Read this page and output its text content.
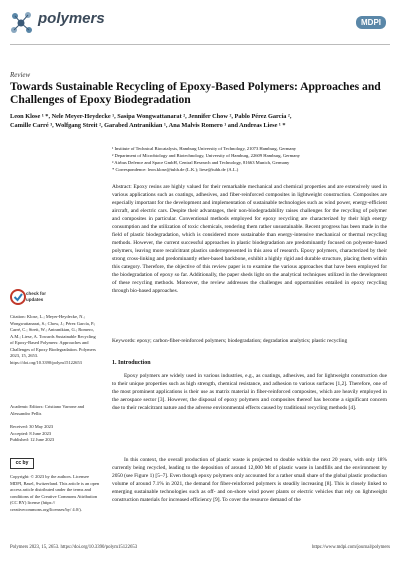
polymers	MDPI
Review
Towards Sustainable Recycling of Epoxy-Based Polymers: Approaches and Challenges of Epoxy Biodegradation
Leon Klose ¹ *, Nele Meyer-Heydecke ¹, Sasipa Wongwattanarat ², Jennifer Chow ², Pablo Pérez García ²,
Camille Carré ³, Wolfgang Streit ², Garabed Antranikian ¹, Ana Malvis Romero ¹ and Andreas Liese ¹ *
¹ Institute of Technical Biocatalysis, Hamburg University of Technology, 21073 Hamburg, Germany
² Department of Microbiology and Biotechnology, University of Hamburg, 22609 Hamburg, Germany
³ Airbus Defence and Space GmbH, Central Research and Technology, 81663 Munich, Germany
* Correspondence: leon.klose@tuhh.de (L.K.); liese@tuhh.de (A.L.)
Abstract: Epoxy resins are highly valued for their remarkable mechanical and chemical properties and are extensively used in various applications such as coatings, adhesives, and fiber-reinforced composites in lightweight construction. Composites are especially important for the development and implementation of sustainable technologies such as wind power, energy-efficient aircraft, and electric cars. Despite their advantages, their non-biodegradability raises challenges for the recycling of polymer and composites in particular. Conventional methods employed for epoxy recycling are characterized by their high energy consumption and the utilization of toxic chemicals, rendering them rather unsustainable. Recent progress has been made in the field of plastic biodegradation, which is considered more sustainable than energy-intensive mechanical or thermal recycling methods. However, the current successful approaches in plastic biodegradation are predominantly focused on polyester-based polymers, leaving more recalcitrant plastics underrepresented in this area of research. Epoxy polymers, characterized by their strong cross-linking and predominantly ether-based backbone, exhibit a highly rigid and durable structure, placing them within this category. Therefore, the objective of this review paper is to examine the various approaches that have been employed for the biodegradation of epoxy so far. Additionally, the paper sheds light on the analytical techniques utilized in the development of these recycling methods. Moreover, the review addresses the challenges and opportunities entailed in epoxy recycling through bio-based approaches.
Keywords: epoxy; carbon-fiber-reinforced polymers; biodegradation; degradation analytics; plastic recycling
1. Introduction
Epoxy polymers are widely used in various industries, e.g., as coatings, adhesives, and for lightweight construction due to their unique properties such as high strength, chemical resistance, and adhesion to various surfaces [1,2]. Therefore, one of the most prominent applications is their use as matrix material in fiber-reinforced composites, which are heavily employed in the aerospace sector [3]. However, the disposal of epoxy polymers and composites thereof has become a significant concern due to their recalcitrant nature and the adverse environmental effects caused by traditional recycling methods [4].
In this context, the overall production of plastic waste is projected to double within the next 20 years, with only 18% currently being recycled, leading to the deposition of around 12,000 Mt of plastic waste in landfills and the environment by 2050 (see Figure 1) [5–7]. Even though epoxy polymers only accounted for a rather small share of the global plastic production volume of around 7.1% in 2021, the demand for fiber-reinforced polymers is steadily increasing [8]. This is closely linked to emerging sustainable technologies such as off- and on-shore wind power plants or electric vehicles that rely on lightweight construction materials for increased efficiency [9]. To cover the resource demand of the
check for
updates
Citation: Klose, L.; Meyer-Heydecke, N.; Wongwattanarat, S.; Chow, J.; Pérez García, P.; Carré, C.; Streit, W.; Antranikian, G.; Romero, A.M.; Liese, A. Towards Sustainable Recycling of Epoxy-Based Polymers: Approaches and Challenges of Epoxy Biodegradation. Polymers 2023, 15, 2653. https://doi.org/10.3390/polym15122653
Academic Editors: Cristiano Varrone and Alessandro Pellis
Received: 30 May 2023
Accepted: 8 June 2023
Published: 12 June 2023
cc by
Copyright: © 2023 by the authors. Licensee MDPI, Basel, Switzerland. This article is an open access article distributed under the terms and conditions of the Creative Commons Attribution (CC BY) license (https:// creativecommons.org/licenses/by/ 4.0/).
Polymers 2023, 15, 2653. https://doi.org/10.3390/polym15122653	https://www.mdpi.com/journal/polymers
